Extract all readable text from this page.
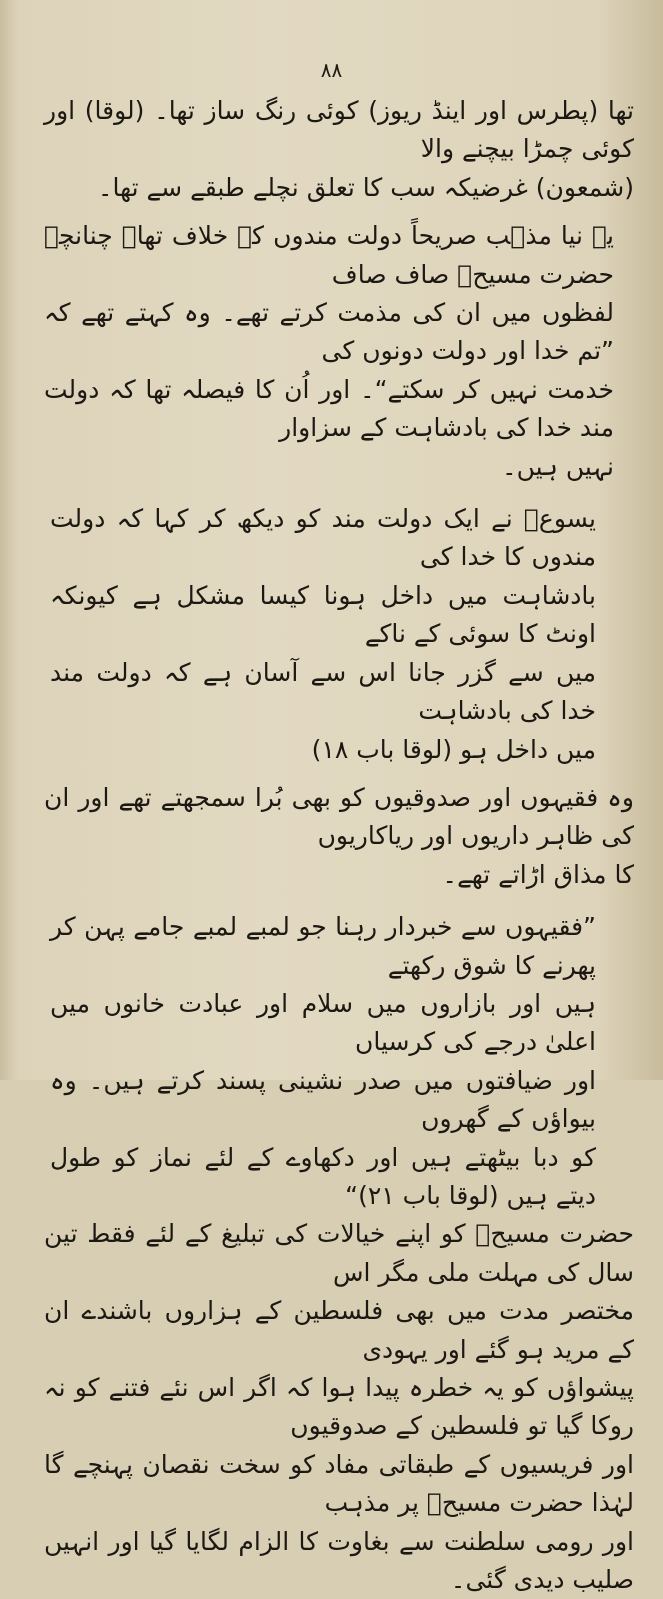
۸۸

تھا (پطرس اور اینڈ ریوز) کوئی رنگ ساز تھا۔ (لوقا) اور کوئی چمڑا بیچنے والا
(شمعون) غرضیکہ سب کا تعلق نچلے طبقے سے تھا۔

یہ نیا مذہب صریحاً دولت مندوں کے خلاف تھا۔ چنانچہ حضرت مسیحؑ صاف صاف
لفظوں میں ان کی مذمت کرتے تھے۔ وہ کہتے تھے کہ ”تم خدا اور دولت دونوں کی
خدمت نہیں کر سکتے“۔ اور اُن کا فیصلہ تھا کہ دولت مند خدا کی بادشاہت کے سزاوار
نہیں ہیں۔

یسوعؑ نے ایک دولت مند کو دیکھ کر کہا کہ دولت مندوں کا خدا کی
بادشاہت میں داخل ہونا کیسا مشکل ہے کیونکہ اونٹ کا سوئی کے ناکے
میں سے گزر جانا اس سے آسان ہے کہ دولت مند خدا کی بادشاہت
میں داخل ہو (لوقا باب ۱۸)

وہ فقیہوں اور صدوقیوں کو بھی بُرا سمجھتے تھے اور ان کی ظاہر داریوں اور ریاکاریوں
کا مذاق اڑاتے تھے۔

”فقیہوں سے خبردار رہنا جو لمبے لمبے جامے پہن کر پھرنے کا شوق رکھتے
ہیں اور بازاروں میں سلام اور عبادت خانوں میں اعلیٰ درجے کی کرسیاں
اور ضیافتوں میں صدر نشینی پسند کرتے ہیں۔ وہ بیواؤں کے گھروں
کو دبا بیٹھتے ہیں اور دکھاوے کے لئے نماز کو طول دیتے ہیں (لوقا باب ۲۱)“

حضرت مسیحؑ کو اپنے خیالات کی تبلیغ کے لئے فقط تین سال کی مہلت ملی مگر اس
مختصر مدت میں بھی فلسطین کے ہزاروں باشندے ان کے مرید ہو گئے اور یہودی
پیشواؤں کو یہ خطرہ پیدا ہوا کہ اگر اس نئے فتنے کو نہ روکا گیا تو فلسطین کے صدوقیوں
اور فریسیوں کے طبقاتی مفاد کو سخت نقصان پہنچے گا لہٰذا حضرت مسیحؑ پر مذہب
اور رومی سلطنت سے بغاوت کا الزام لگایا گیا اور انہیں صلیب دیدی گئی۔
